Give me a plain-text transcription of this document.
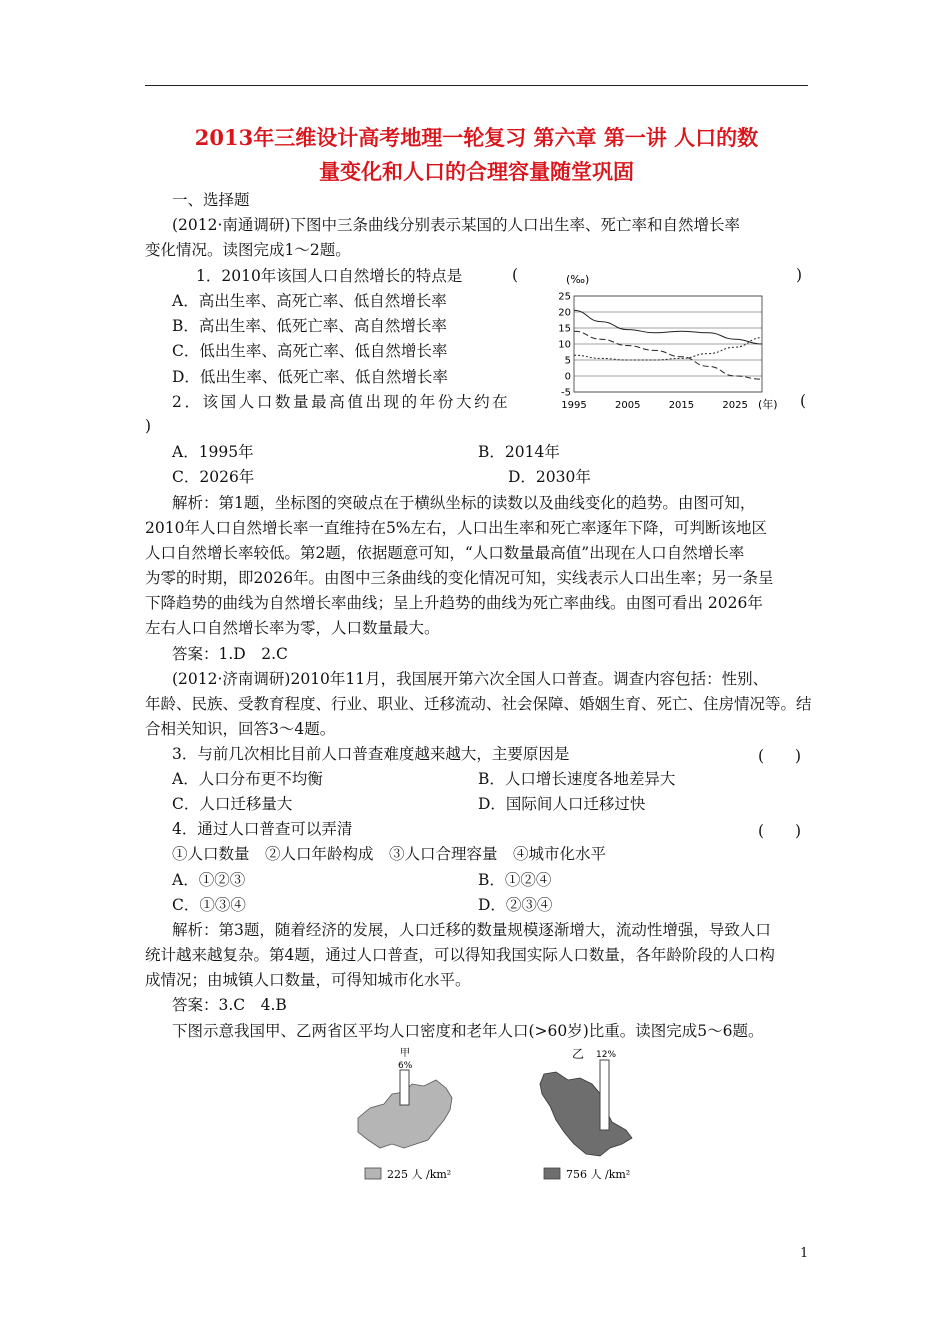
2013年三维设计高考地理一轮复习 第六章 第一讲 人口的数
量变化和人口的合理容量随堂巩固
一、选择题
(2012·南通调研)下图中三条曲线分别表示某国的人口出生率、死亡率和自然增长率
变化情况。读图完成1～2题。
1．2010年该国人口自然增长的特点是	(	)
A．高出生率、高死亡率、低自然增长率
B．高出生率、低死亡率、高自然增长率
C．低出生率、高死亡率、低自然增长率
D．低出生率、低死亡率、低自然增长率
2．该国人口数量最高值出现的年份大约在	(
)
(‰)
25
20
15
10
5
0
-5
1995	2005	2015	2025 (年)
A．1995年	B．2014年
C．2026年	D．2030年
解析：第1题，坐标图的突破点在于横纵坐标的读数以及曲线变化的趋势。由图可知，
2010年人口自然增长率一直维持在5%左右，人口出生率和死亡率逐年下降，可判断该地区
人口自然增长率较低。第2题，依据题意可知，“人口数量最高值”出现在人口自然增长率
为零的时期，即2026年。由图中三条曲线的变化情况可知，实线表示人口出生率；另一条呈
下降趋势的曲线为自然增长率曲线；呈上升趋势的曲线为死亡率曲线。由图可看出 2026年
左右人口自然增长率为零，人口数量最大。
答案：1.D　2.C
(2012·济南调研)2010年11月，我国展开第六次全国人口普查。调查内容包括：性别、
年龄、民族、受教育程度、行业、职业、迁移流动、社会保障、婚姻生育、死亡、住房情况等。结
合相关知识，回答3～4题。
3．与前几次相比目前人口普查难度越来越大，主要原因是	(　　)
A．人口分布更不均衡	B．人口增长速度各地差异大
C．人口迁移量大	D．国际间人口迁移过快
4．通过人口普查可以弄清	(　　)
①人口数量　②人口年龄构成　③人口合理容量　④城市化水平
A．①②③	B．①②④
C．①③④	D．②③④
解析：第3题，随着经济的发展，人口迁移的数量规模逐渐增大，流动性增强，导致人口
统计越来越复杂。第4题，通过人口普查，可以得知我国实际人口数量，各年龄阶段的人口构
成情况；由城镇人口数量，可得知城市化水平。
答案：3.C　4.B
下图示意我国甲、乙两省区平均人口密度和老年人口(>60岁)比重。读图完成5～6题。
甲
6%
乙 12%
225 人 /km²	756 人 /km²
1
